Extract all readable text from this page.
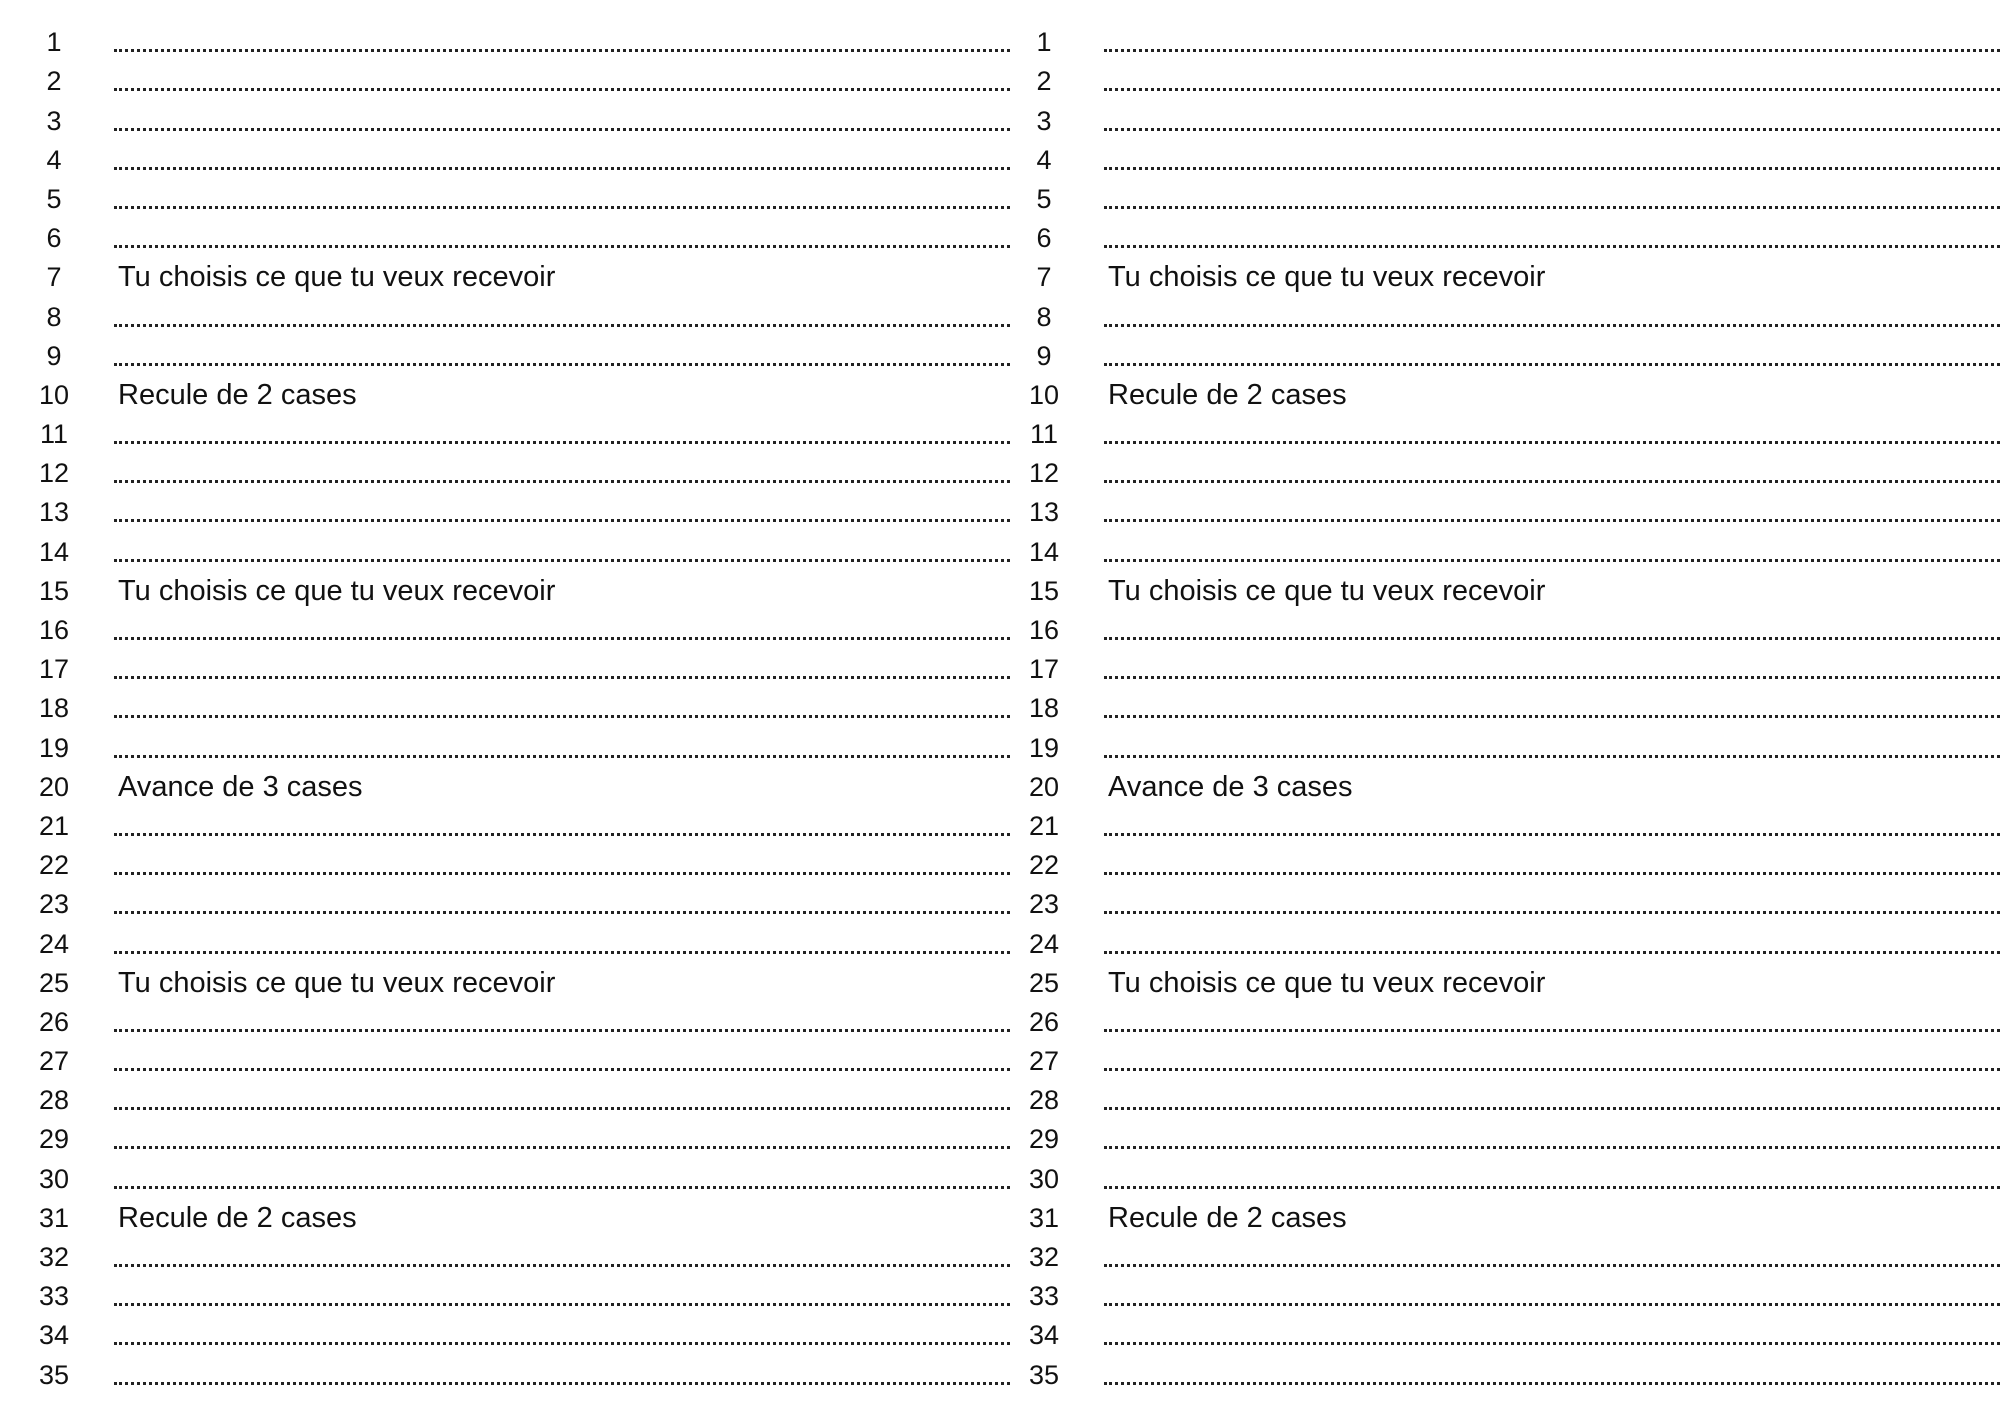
1
2
3
4
5
6
7	Tu choisis ce que tu veux recevoir
8
9
10	Recule de 2 cases
11
12
13
14
15	Tu choisis ce que tu veux recevoir
16
17
18
19
20	Avance de 3 cases
21
22
23
24
25	Tu choisis ce que tu veux recevoir
26
27
28
29
30
31	Recule de 2 cases
32
33
34
35
1
2
3
4
5
6
7	Tu choisis ce que tu veux recevoir
8
9
10	Recule de 2 cases
11
12
13
14
15	Tu choisis ce que tu veux recevoir
16
17
18
19
20	Avance de 3 cases
21
22
23
24
25	Tu choisis ce que tu veux recevoir
26
27
28
29
30
31	Recule de 2 cases
32
33
34
35
